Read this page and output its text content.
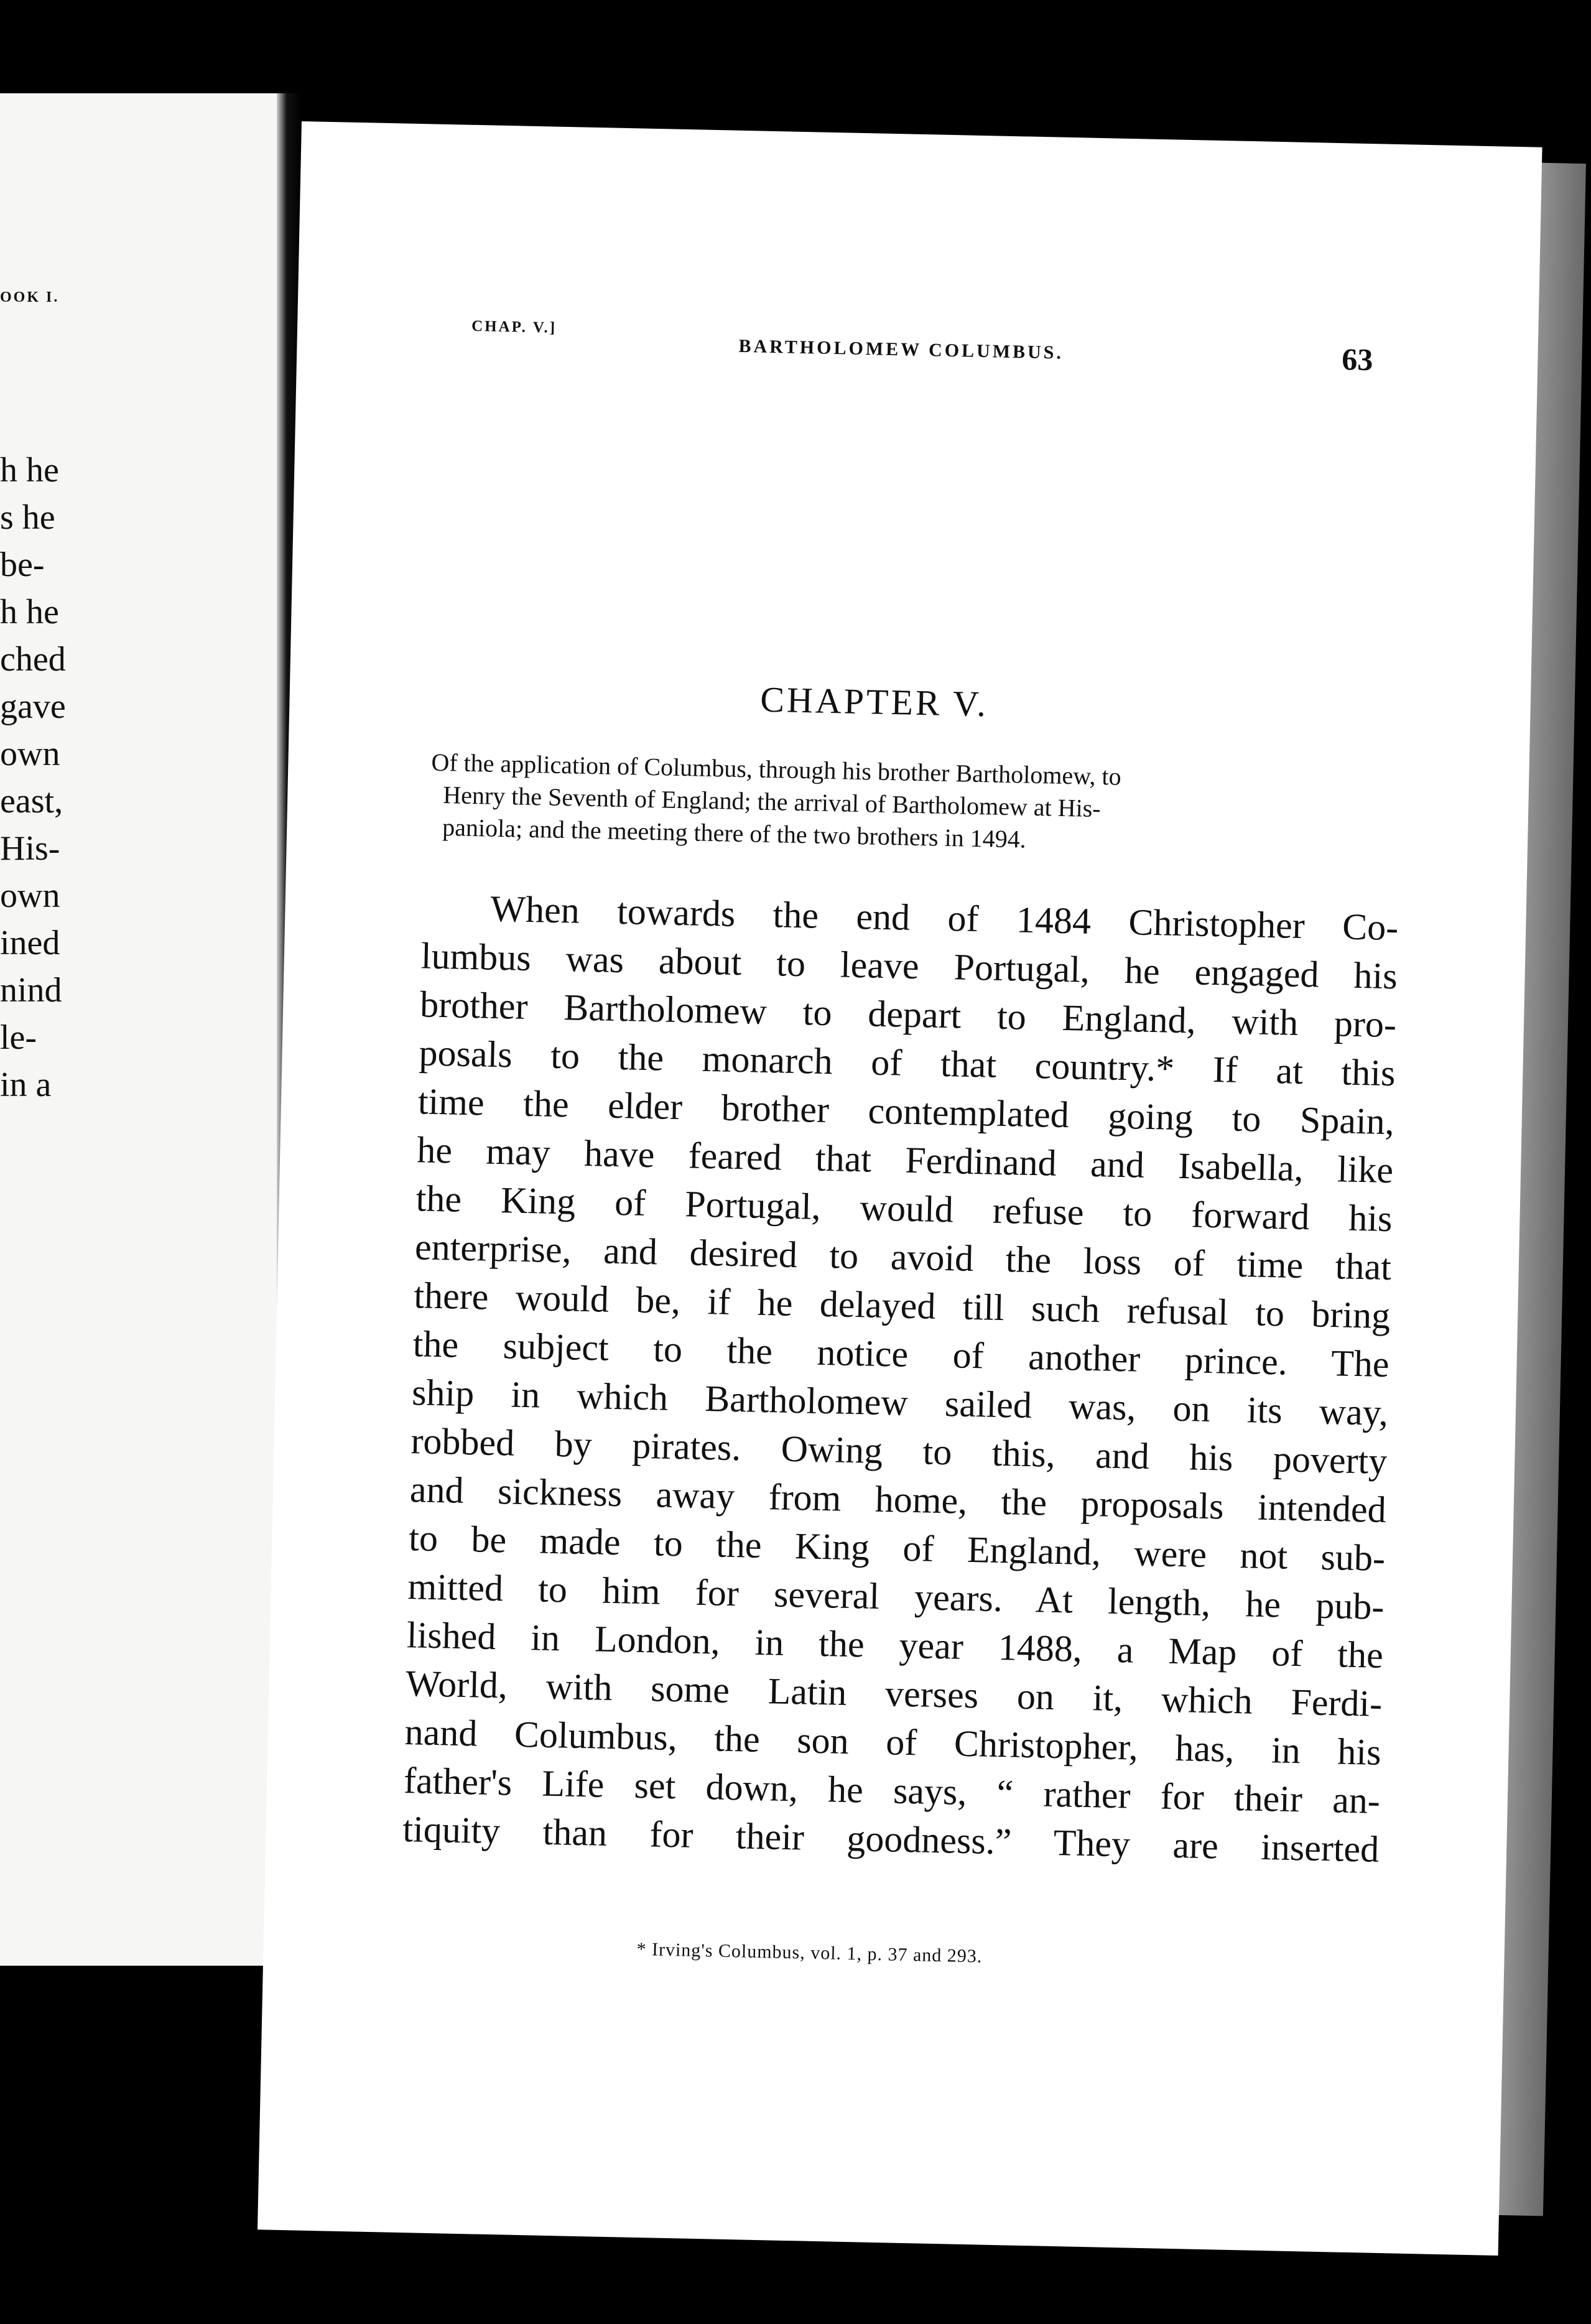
OOK I.
h he
s he
be-
h he
ched
gave
own
east,
His-
own
ined
nind
le-
in a
CHAP. V.]
BARTHOLOMEW COLUMBUS.	63
CHAPTER V.
Of the application of Columbus, through his brother Bartholomew, to
Henry the Seventh of England; the arrival of Bartholomew at His-
paniola; and the meeting there of the two brothers in 1494.
When towards the end of 1484 Christopher Co-
lumbus was about to leave Portugal, he engaged his
brother Bartholomew to depart to England, with pro-
posals to the monarch of that country.* If at this
time the elder brother contemplated going to Spain,
he may have feared that Ferdinand and Isabella, like
the King of Portugal, would refuse to forward his
enterprise, and desired to avoid the loss of time that
there would be, if he delayed till such refusal to bring
the subject to the notice of another prince. The
ship in which Bartholomew sailed was, on its way,
robbed by pirates. Owing to this, and his poverty
and sickness away from home, the proposals intended
to be made to the King of England, were not sub-
mitted to him for several years. At length, he pub-
lished in London, in the year 1488, a Map of the
World, with some Latin verses on it, which Ferdi-
nand Columbus, the son of Christopher, has, in his
father's Life set down, he says, “ rather for their an-
tiquity than for their goodness.” They are inserted
* Irving's Columbus, vol. 1, p. 37 and 293.
